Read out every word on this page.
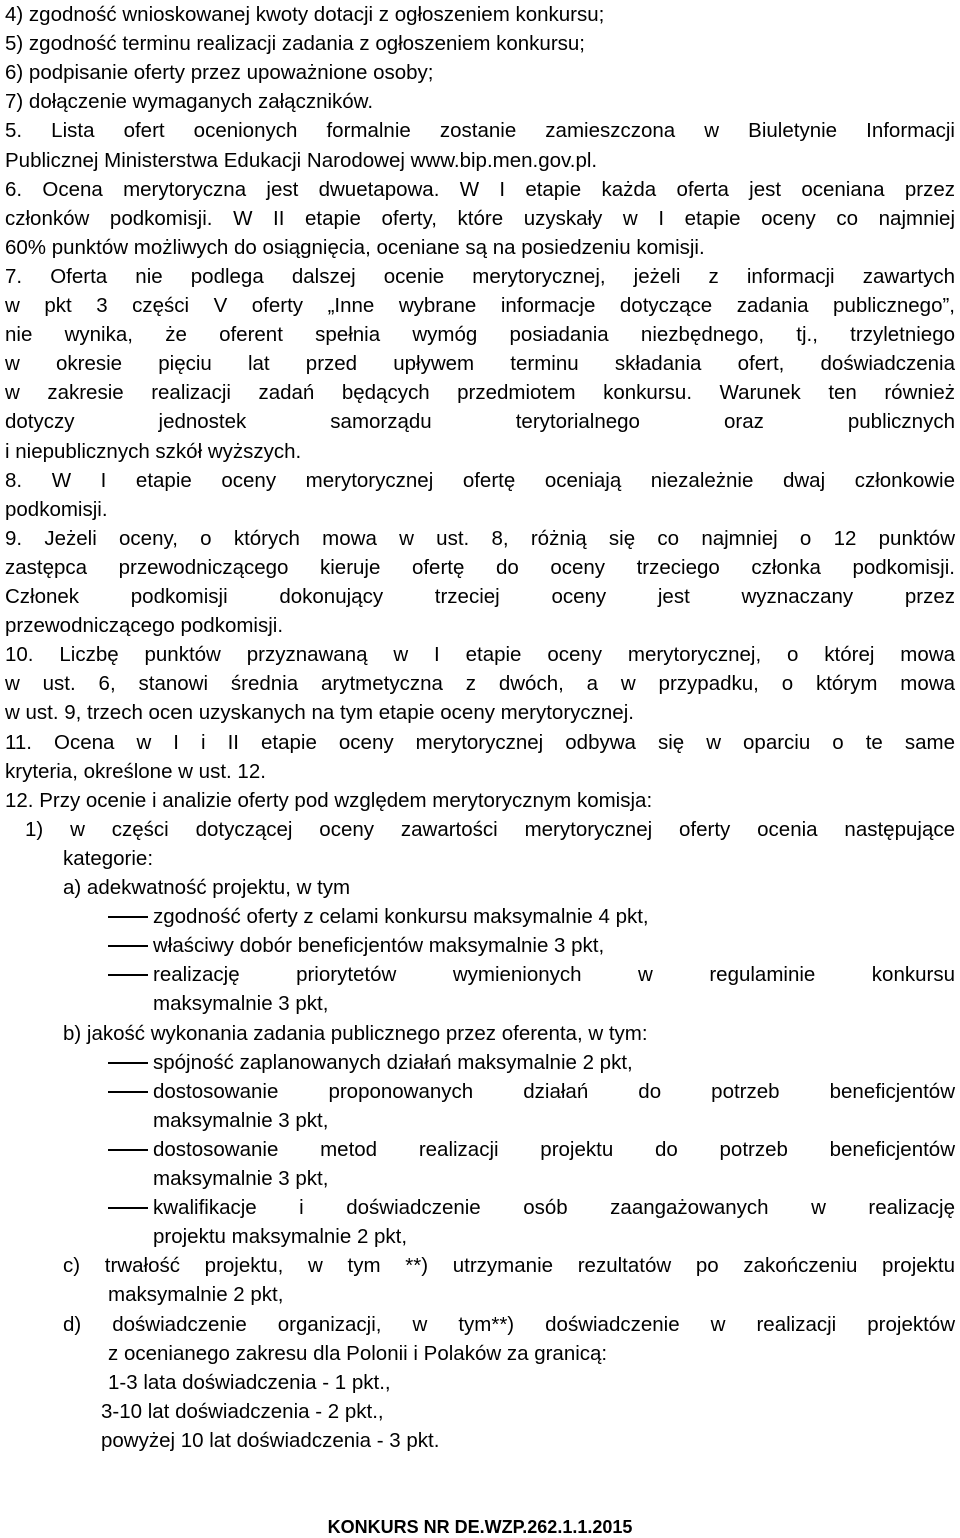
4) zgodność wnioskowanej kwoty dotacji z ogłoszeniem konkursu;
5) zgodność terminu realizacji zadania z ogłoszeniem konkursu;
6) podpisanie oferty przez upoważnione osoby;
7) dołączenie wymaganych załączników.
5. Lista ofert ocenionych formalnie zostanie zamieszczona w Biuletynie Informacji
Publicznej Ministerstwa Edukacji Narodowej www.bip.men.gov.pl.
6. Ocena merytoryczna jest dwuetapowa. W I etapie każda oferta jest oceniana przez
członków podkomisji. W II etapie oferty, które uzyskały w I etapie oceny co najmniej
60% punktów możliwych do osiągnięcia, oceniane są na posiedzeniu komisji.
7. Oferta nie podlega dalszej ocenie merytorycznej, jeżeli z informacji zawartych
w pkt 3 części V oferty „Inne wybrane informacje dotyczące zadania publicznego”,
nie wynika, że oferent spełnia wymóg posiadania niezbędnego, tj., trzyletniego
w okresie pięciu lat przed upływem terminu składania ofert, doświadczenia
w zakresie realizacji zadań będących przedmiotem konkursu. Warunek ten również
dotyczy jednostek samorządu terytorialnego oraz publicznych
i niepublicznych szkół wyższych.
8. W I etapie oceny merytorycznej ofertę oceniają niezależnie dwaj członkowie
podkomisji.
9. Jeżeli oceny, o których mowa w ust. 8, różnią się co najmniej o 12 punktów
zastępca przewodniczącego kieruje ofertę do oceny trzeciego członka podkomisji.
Członek podkomisji dokonujący trzeciej oceny jest wyznaczany przez
przewodniczącego podkomisji.
10. Liczbę punktów przyznawaną w I etapie oceny merytorycznej, o której mowa
w ust. 6, stanowi średnia arytmetyczna z dwóch, a w przypadku, o którym mowa
w ust. 9, trzech ocen uzyskanych na tym etapie oceny merytorycznej.
11. Ocena w I i II etapie oceny merytorycznej odbywa się w oparciu o te same
kryteria, określone w ust. 12.
12. Przy ocenie i analizie oferty pod względem merytorycznym komisja:
1) w części dotyczącej oceny zawartości merytorycznej oferty ocenia następujące
kategorie:
a) adekwatność projektu, w tym
zgodność oferty z celami konkursu maksymalnie 4 pkt,
właściwy dobór beneficjentów maksymalnie 3 pkt,
realizację priorytetów wymienionych w regulaminie konkursu
maksymalnie 3 pkt,
b) jakość wykonania zadania publicznego przez oferenta, w tym:
spójność zaplanowanych działań maksymalnie 2 pkt,
dostosowanie proponowanych działań do potrzeb beneficjentów
maksymalnie 3 pkt,
dostosowanie metod realizacji projektu do potrzeb beneficjentów
maksymalnie 3 pkt,
kwalifikacje i doświadczenie osób zaangażowanych w realizację
projektu maksymalnie 2 pkt,
c) trwałość projektu, w tym **) utrzymanie rezultatów po zakończeniu projektu
maksymalnie 2 pkt,
d) doświadczenie organizacji, w tym**) doświadczenie w realizacji projektów
z ocenianego zakresu dla Polonii i Polaków za granicą:
1-3 lata doświadczenia - 1 pkt.,
3-10 lat doświadczenia - 2 pkt.,
powyżej 10 lat doświadczenia - 3 pkt.
KONKURS NR DE.WZP.262.1.1.2015
